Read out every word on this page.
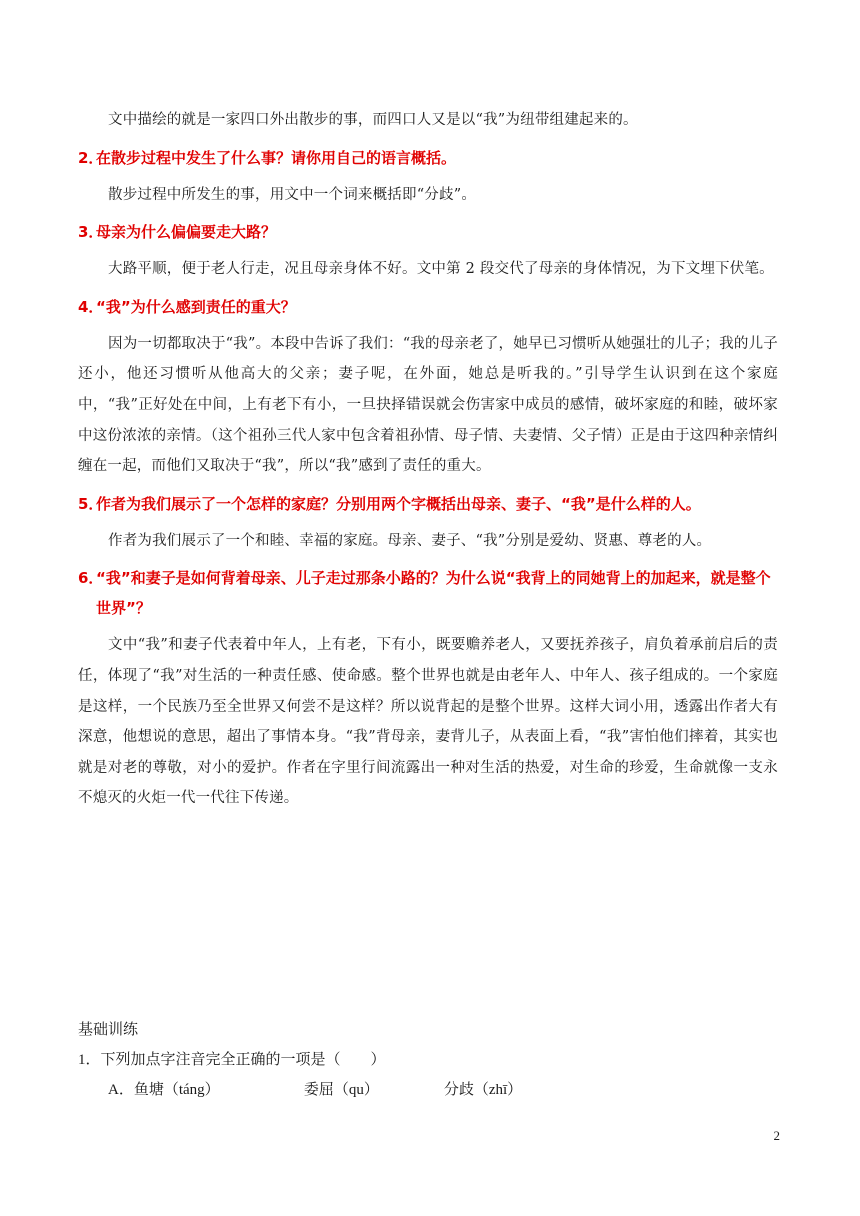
文中描绘的就是一家四口外出散步的事，而四口人又是以“我”为纽带组建起来的。

2．在散步过程中发生了什么事？请你用自己的语言概括。

散步过程中所发生的事，用文中一个词来概括即“分歧”。

3．母亲为什么偏偏要走大路？

大路平顺，便于老人行走，况且母亲身体不好。文中第 2 段交代了母亲的身体情况，为下文埋下伏笔。

4．“我”为什么感到责任的重大？

因为一切都取决于“我”。本段中告诉了我们：“我的母亲老了，她早已习惯听从她强壮的儿子；我的儿子还小，他还习惯听从他高大的父亲；妻子呢，在外面，她总是听我的。”引导学生认识到在这个家庭中，“我”正好处在中间，上有老下有小，一旦抉择错误就会伤害家中成员的感情，破坏家庭的和睦，破坏家中这份浓浓的亲情。（这个祖孙三代人家中包含着祖孙情、母子情、夫妻情、父子情）正是由于这四种亲情纠缠在一起，而他们又取决于“我”，所以“我”感到了责任的重大。

5．作者为我们展示了一个怎样的家庭？分别用两个字概括出母亲、妻子、“我”是什么样的人。

作者为我们展示了一个和睦、幸福的家庭。母亲、妻子、“我”分别是爱幼、贤惠、尊老的人。

6．“我”和妻子是如何背着母亲、儿子走过那条小路的？为什么说“我背上的同她背上的加起来，就是整个世界”？

文中“我”和妻子代表着中年人，上有老，下有小，既要赡养老人，又要抚养孩子，肩负着承前启后的责任，体现了“我”对生活的一种责任感、使命感。整个世界也就是由老年人、中年人、孩子组成的。一个家庭是这样，一个民族乃至全世界又何尝不是这样？所以说背起的是整个世界。这样大词小用，透露出作者大有深意，他想说的意思，超出了事情本身。“我”背母亲，妻背儿子，从表面上看，“我”害怕他们摔着，其实也就是对老的尊敬，对小的爱护。作者在字里行间流露出一种对生活的热爱，对生命的珍爱，生命就像一支永不熄灭的火炬一代一代往下传递。

基础训练
1．下列加点字注音完全正确的一项是（　　）
A．鱼塘（táng）	委屈（qu）	分歧（zhī）
2
